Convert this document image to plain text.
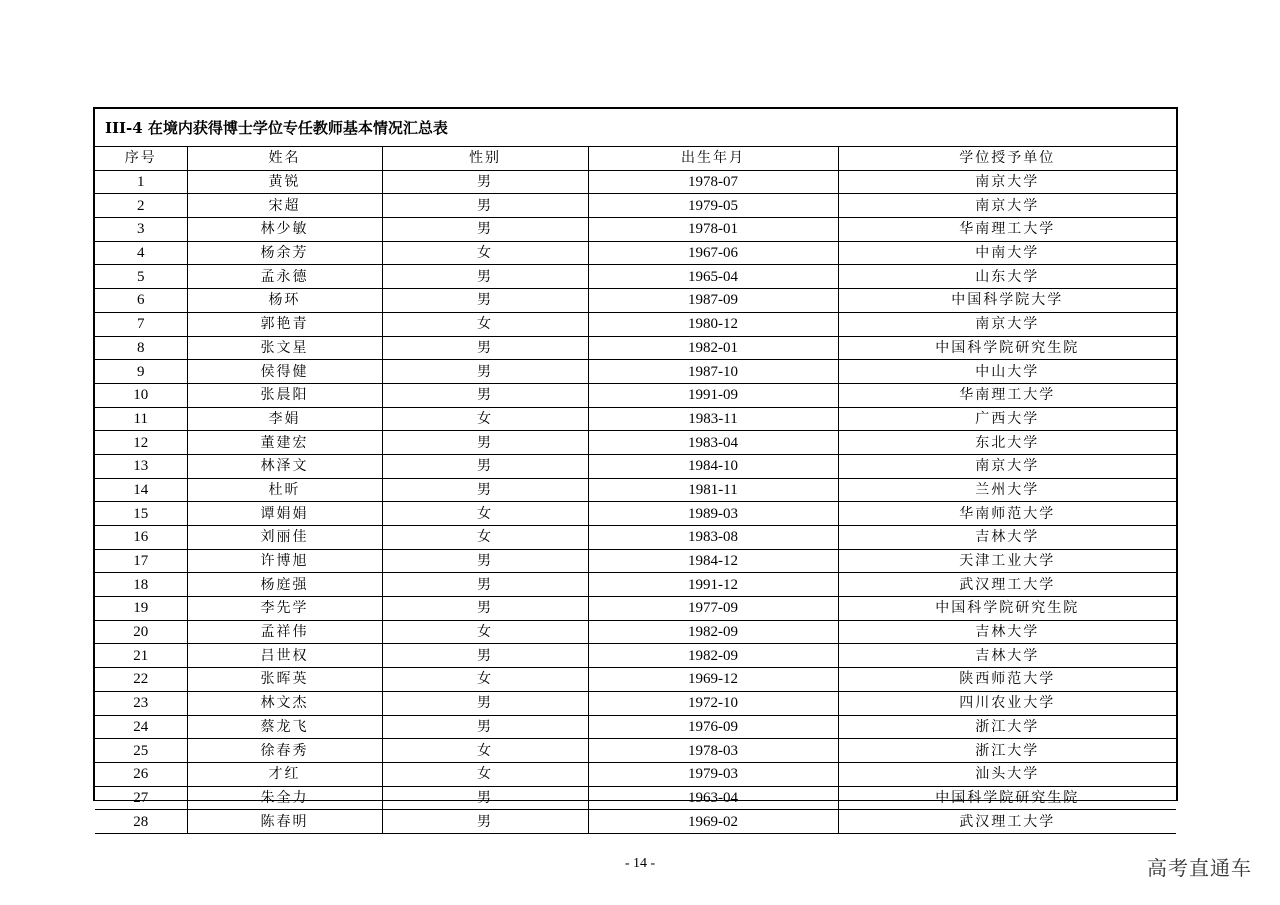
III-4 在境内获得博士学位专任教师基本情况汇总表
序号	姓名	性别	出生年月	学位授予单位
1	黄锐	男	1978-07	南京大学
2	宋超	男	1979-05	南京大学
3	林少敏	男	1978-01	华南理工大学
4	杨余芳	女	1967-06	中南大学
5	孟永德	男	1965-04	山东大学
6	杨环	男	1987-09	中国科学院大学
7	郭艳青	女	1980-12	南京大学
8	张文星	男	1982-01	中国科学院研究生院
9	侯得健	男	1987-10	中山大学
10	张晨阳	男	1991-09	华南理工大学
11	李娟	女	1983-11	广西大学
12	董建宏	男	1983-04	东北大学
13	林泽文	男	1984-10	南京大学
14	杜昕	男	1981-11	兰州大学
15	谭娟娟	女	1989-03	华南师范大学
16	刘丽佳	女	1983-08	吉林大学
17	许博旭	男	1984-12	天津工业大学
18	杨庭强	男	1991-12	武汉理工大学
19	李先学	男	1977-09	中国科学院研究生院
20	孟祥伟	女	1982-09	吉林大学
21	吕世权	男	1982-09	吉林大学
22	张晖英	女	1969-12	陕西师范大学
23	林文杰	男	1972-10	四川农业大学
24	蔡龙飞	男	1976-09	浙江大学
25	徐春秀	女	1978-03	浙江大学
26	才红	女	1979-03	汕头大学
27	朱全力	男	1963-04	中国科学院研究生院
28	陈春明	男	1969-02	武汉理工大学
- 14 -	高考直通车
